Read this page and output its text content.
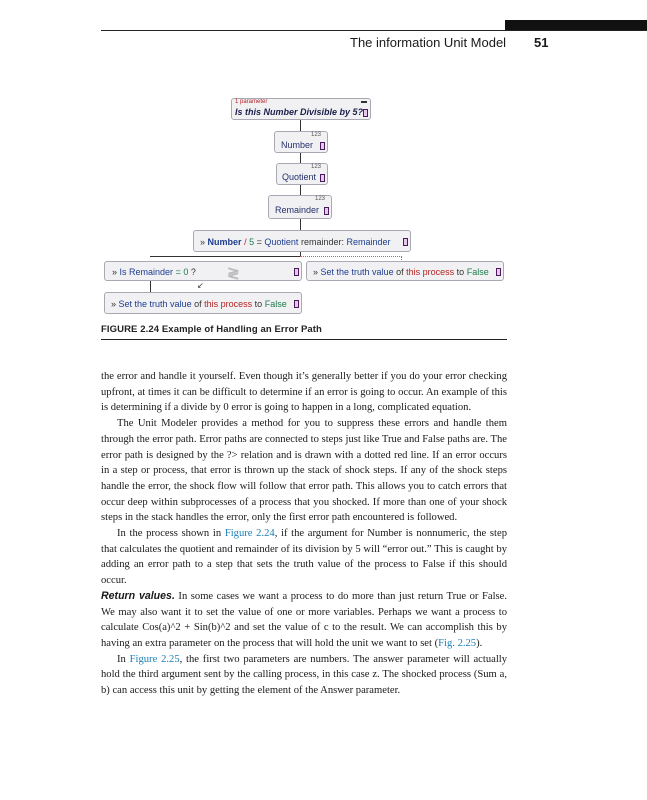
The information Unit Model 51
1 parameter
Is this Number Divisible by 5?
123
Number
123
Quotient
123
Remainder
» Number / 5 = Quotient remainder: Remainder
» Is Remainder = 0 ? ≷	» Set the truth value of this process to False
↙
» Set the truth value of this process to False
FIGURE 2.24 Example of Handling an Error Path

the error and handle it yourself. Even though it’s generally better if you do your error checking upfront, at times it can be difficult to determine if an error is going to occur. An example of this is determining if a divide by 0 error is going to happen in a long, complicated equation.

The Unit Modeler provides a method for you to suppress these errors and handle them through the error path. Error paths are connected to steps just like True and False paths are. The error path is designed by the ?> relation and is drawn with a dotted red line. If an error occurs in a step or process, that error is thrown up the stack of shock steps. If any of the shock steps handle the error, the shock flow will follow that error path. This allows you to catch errors that occur deep within subprocesses of a process that you shocked. If more than one of your shock steps in the stack handles the error, only the first error path encountered is followed.

In the process shown in Figure 2.24, if the argument for Number is nonnumeric, the step that calculates the quotient and remainder of its division by 5 will “error out.” This is caught by adding an error path to a step that sets the truth value of the process to False if this should occur.

Return values. In some cases we want a process to do more than just return True or False. We may also want it to set the value of one or more variables. Perhaps we want a process to calculate Cos(a)^2 + Sin(b)^2 and set the value of c to the result. We can accomplish this by having an extra parameter on the process that will hold the unit we want to set (Fig. 2.25).

In Figure 2.25, the first two parameters are numbers. The answer parameter will actually hold the third argument sent by the calling process, in this case z. The shocked process (Sum a, b) can access this unit by getting the element of the Answer parameter.
